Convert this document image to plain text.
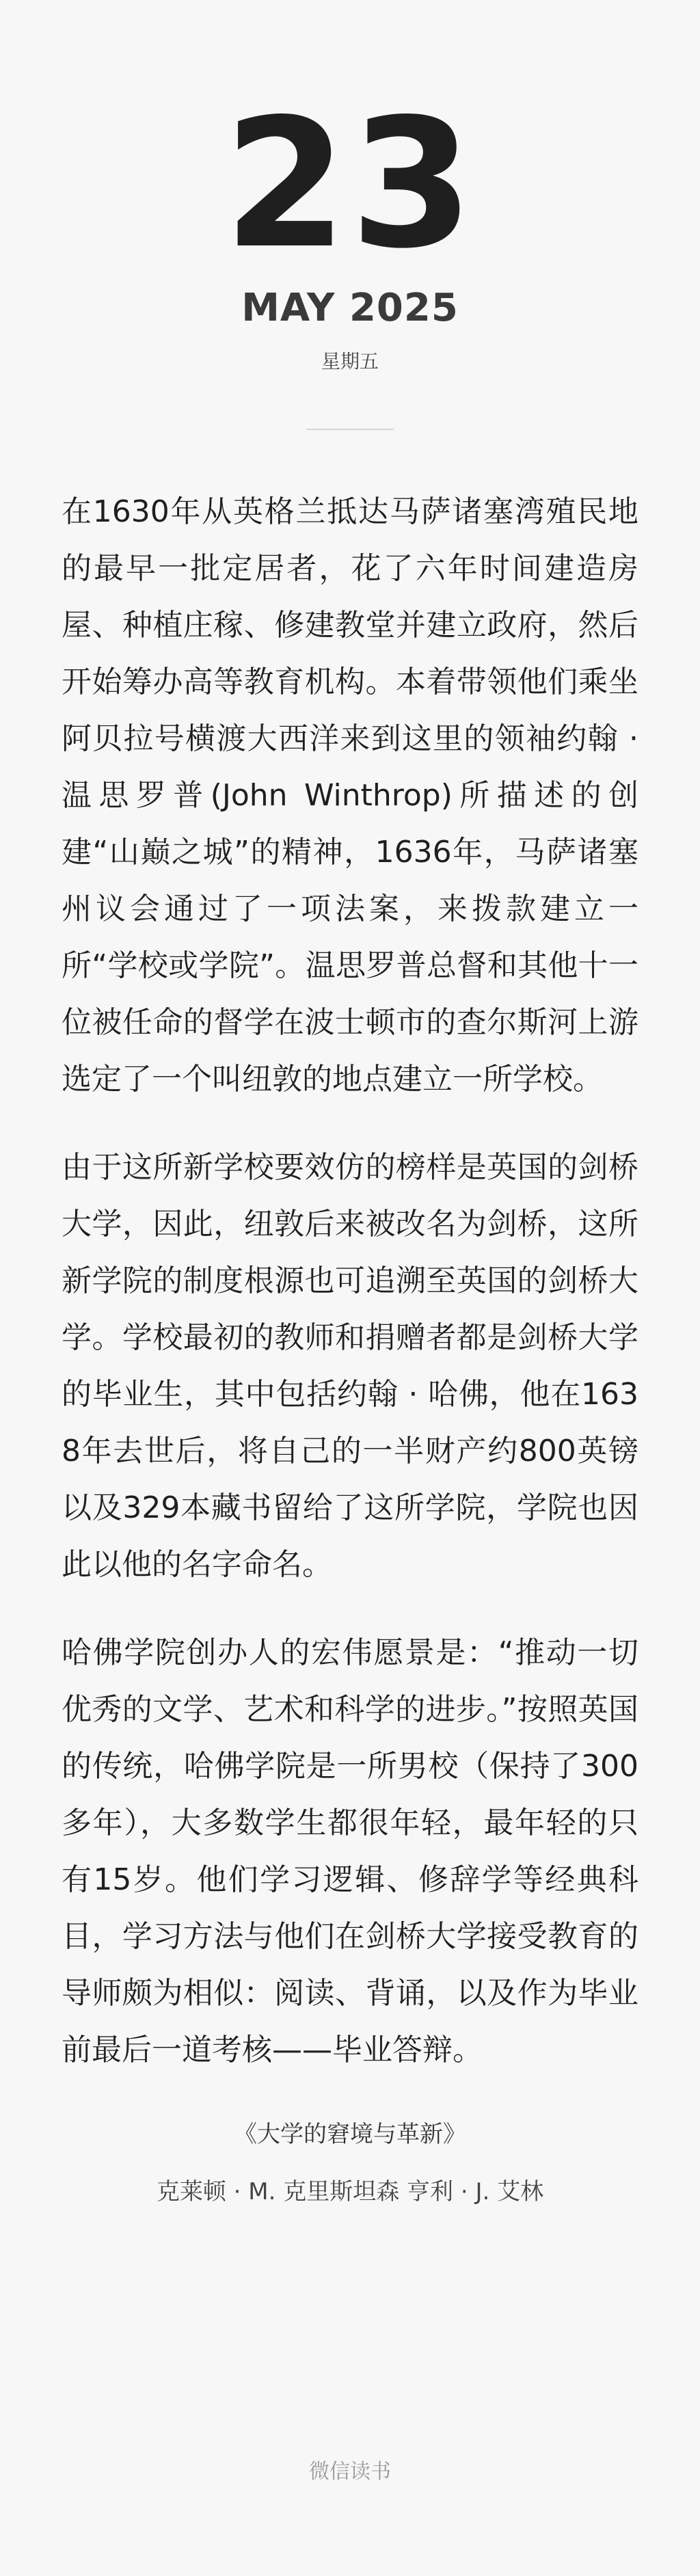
23
MAY 2025
星期五

在1630年从英格兰抵达马萨诸塞湾殖民地的最早一批定居者，花了六年时间建造房屋、种植庄稼、修建教堂并建立政府，然后开始筹办高等教育机构。本着带领他们乘坐阿贝拉号横渡大西洋来到这里的领袖约翰 · 温思罗普(John Winthrop)所描述的创建“山巅之城”的精神，1636年，马萨诸塞州议会通过了一项法案，来拨款建立一所“学校或学院”。温思罗普总督和其他十一位被任命的督学在波士顿市的查尔斯河上游选定了一个叫纽敦的地点建立一所学校。

由于这所新学校要效仿的榜样是英国的剑桥大学，因此，纽敦后来被改名为剑桥，这所新学院的制度根源也可追溯至英国的剑桥大学。学校最初的教师和捐赠者都是剑桥大学的毕业生，其中包括约翰 · 哈佛，他在1638年去世后，将自己的一半财产约800英镑以及329本藏书留给了这所学院，学院也因此以他的名字命名。

哈佛学院创办人的宏伟愿景是：“推动一切优秀的文学、艺术和科学的进步。”按照英国的传统，哈佛学院是一所男校（保持了300多年），大多数学生都很年轻，最年轻的只有15岁。他们学习逻辑、修辞学等经典科目，学习方法与他们在剑桥大学接受教育的导师颇为相似：阅读、背诵，以及作为毕业前最后一道考核——毕业答辩。

《大学的窘境与革新》
克莱顿 · M. 克里斯坦森 亨利 · J. 艾林
微信读书
